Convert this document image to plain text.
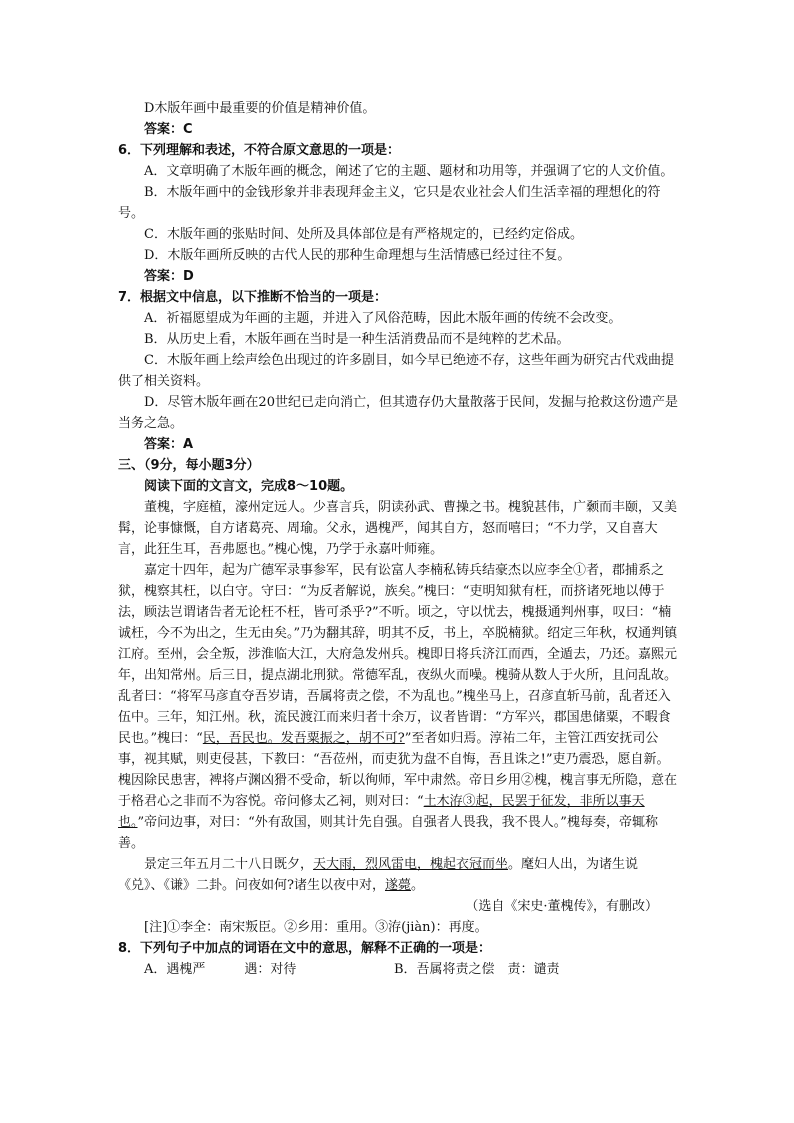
D木版年画中最重要的价值是精神价值。

答案：C

6．下列理解和表述，不符合原文意思的一项是：

A．文章明确了木版年画的概念，阐述了它的主题、题材和功用等，并强调了它的人文价值。

B．木版年画中的金钱形象并非表现拜金主义，它只是农业社会人们生活幸福的理想化的符号。

C．木版年画的张贴时间、处所及具体部位是有严格规定的，已经约定俗成。

D．木版年画所反映的古代人民的那种生命理想与生活情感已经过往不复。

答案：D

7．根据文中信息，以下推断不恰当的一项是：

A．祈福愿望成为年画的主题，并进入了风俗范畴，因此木版年画的传统不会改变。

B．从历史上看，木版年画在当时是一种生活消费品而不是纯粹的艺术品。

C．木版年画上绘声绘色出现过的许多剧目，如今早已绝迹不存，这些年画为研究古代戏曲提供了相关资料。

D．尽管木版年画在20世纪已走向消亡，但其遗存仍大量散落于民间，发掘与抢救这份遗产是当务之急。

答案：A

三、（9分，每小题3分）

阅读下面的文言文，完成8～10题。

董槐，字庭植，濠州定远人。少喜言兵，阴读孙武、曹操之书。槐貌甚伟，广颡而丰颐，又美髯，论事慷慨，自方诸葛亮、周瑜。父永，遇槐严，闻其自方，怒而嘻曰；“不力学，又自喜大言，此狂生耳，吾弗愿也。”槐心愧，乃学于永嘉叶师雍。

嘉定十四年，起为广德军录事参军，民有讼富人李楠私铸兵结豪杰以应李全①者，郡捕系之狱，槐察其枉，以白守。守曰：“为反者解说，族矣。”槐曰：“吏明知狱有枉，而挤诸死地以傅于法，顾法岂谓诸告者无论枉不枉，皆可杀乎?”不听。顷之，守以忧去，槐摄通判州事，叹曰：“楠诚枉，今不为出之，生无由矣。”乃为翻其辞，明其不反，书上，卒脱楠狱。绍定三年秋，权通判镇江府。至州，会全叛，涉淮临大江，大府急发州兵。槐即日将兵济江而西，全遁去，乃还。嘉熙元年，出知常州。后三日，提点湖北刑狱。常德军乱，夜纵火而噪。槐骑从数人于火所，且问乱故。乱者曰：“将军马彦直夺吾岁请，吾属将责之偿，不为乱也。”槐坐马上，召彦直斩马前，乱者还入伍中。三年，知江州。秋，流民渡江而来归者十余万，议者皆谓：“方军兴，郡国患储粟，不暇食民也。”槐曰：“民，吾民也。发吾粟振之，胡不可?”至者如归焉。淳祐二年，主管江西安抚司公事，视其赋，则吏侵甚，下教曰：“吾莅州，而吏犹为盘不自悔，吾且诛之!”吏乃震恐，愿自新。槐因除民患害，裨将卢渊凶猾不受命，斩以徇师，军中肃然。帝日乡用②槐，槐言事无所隐，意在于格君心之非而不为容悦。帝问修太乙祠，则对曰：“土木洊③起，民罢于征发，非所以事天也。”帝问边事，对曰：“外有敌国，则其计先自强。自强者人畏我，我不畏人。”槐每奏，帝辄称善。

景定三年五月二十八日既夕，天大雨，烈风雷电，槐起衣冠而坐。麾妇人出，为诸生说《兑》、《谦》二卦。问夜如何?诸生以夜中对，遂薨。

（选自《宋史·董槐传》，有删改）

[注]①李全：南宋叛臣。②乡用：重用。③洊(jiàn)：再度。

8．下列句子中加点的词语在文中的意思，解释不正确的一项是：

A．遇槐严　　　遇：对待	B．吾属将责之偿　责：谴责
